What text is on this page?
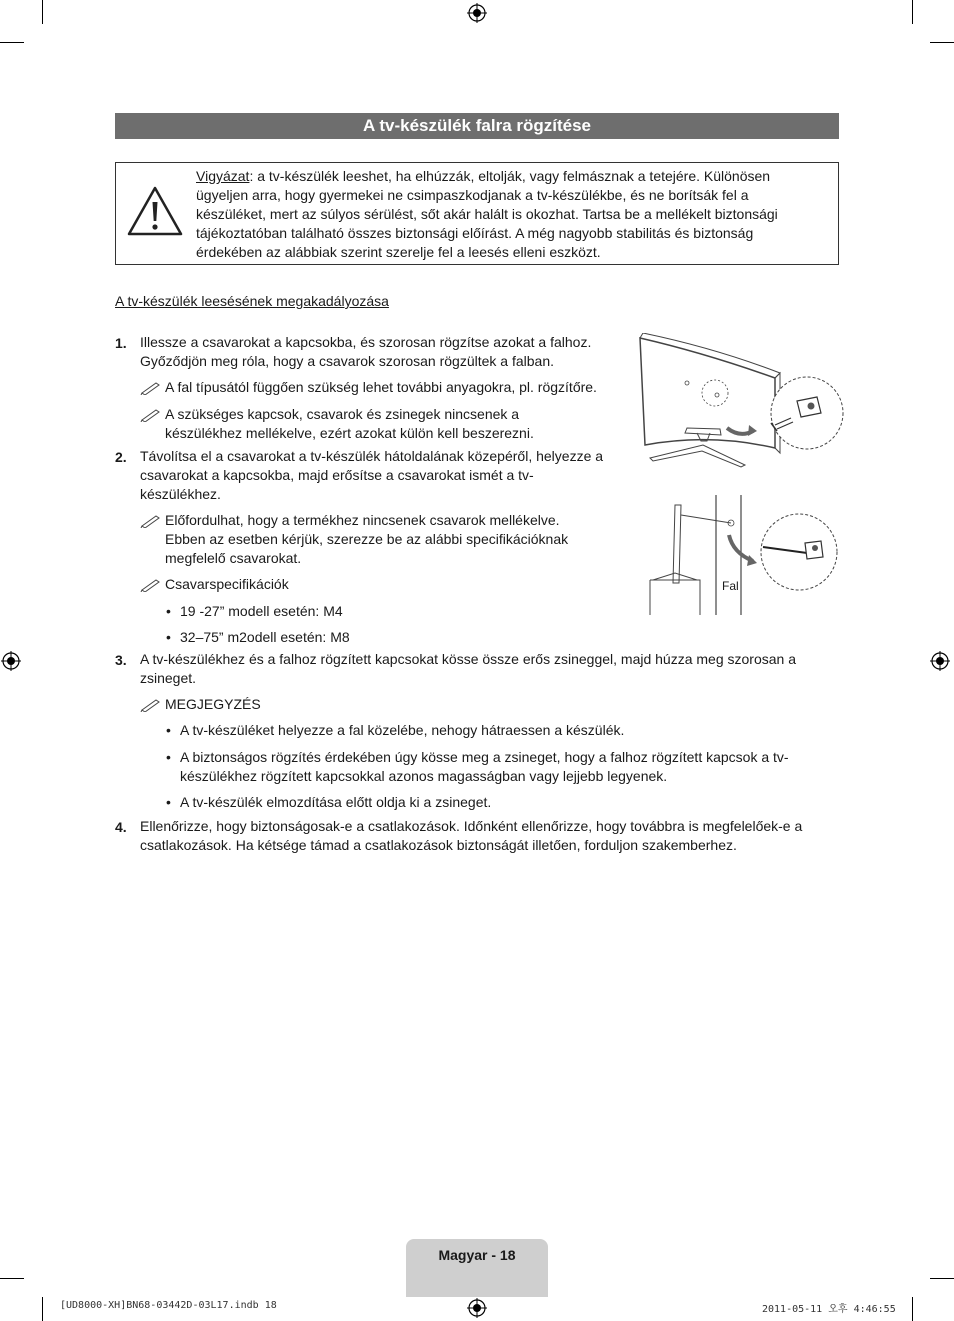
A tv-készülék falra rögzítése
Vigyázat: a tv-készülék leeshet, ha elhúzzák, eltolják, vagy felmásznak a tetejére. Különösen ügyeljen arra, hogy gyermekei ne csimpaszkodjanak a tv-készülékbe, és ne borítsák fel a készüléket, mert az súlyos sérülést, sőt akár halált is okozhat. Tartsa be a mellékelt biztonsági tájékoztatóban található összes biztonsági előírást. A még nagyobb stabilitás és biztonság érdekében az alábbiak szerint szerelje fel a leesés elleni eszközt.
A tv-készülék leesésének megakadályozása
1. Illessze a csavarokat a kapcsokba, és szorosan rögzítse azokat a falhoz. Győződjön meg róla, hogy a csavarok szorosan rögzültek a falban.
A fal típusától függően szükség lehet további anyagokra, pl. rögzítőre.
A szükséges kapcsok, csavarok és zsinegek nincsenek a készülékhez mellékelve, ezért azokat külön kell beszerezni.
2. Távolítsa el a csavarokat a tv-készülék hátoldalának közepéről, helyezze a csavarokat a kapcsokba, majd erősítse a csavarokat ismét a tv-készülékhez.
Előfordulhat, hogy a termékhez nincsenek csavarok mellékelve. Ebben az esetben kérjük, szerezze be az alábbi specifikációknak megfelelő csavarokat.
Csavarspecifikációk
• 19 -27” modell esetén: M4
• 32–75” m2odell esetén: M8
3. A tv-készülékhez és a falhoz rögzített kapcsokat kösse össze erős zsineggel, majd húzza meg szorosan a zsineget.
MEGJEGYZÉS
• A tv-készüléket helyezze a fal közelébe, nehogy hátraessen a készülék.
• A biztonságos rögzítés érdekében úgy kösse meg a zsineget, hogy a falhoz rögzített kapcsok a tv-készülékhez rögzített kapcsokkal azonos magasságban vagy lejjebb legyenek.
• A tv-készülék elmozdítása előtt oldja ki a zsineget.
4. Ellenőrizze, hogy biztonságosak-e a csatlakozások. Időnként ellenőrizze, hogy továbbra is megfelelőek-e a csatlakozások. Ha kétsége támad a csatlakozások biztonságát illetően, forduljon szakemberhez.
Fal
Magyar - 18
[UD8000-XH]BN68-03442D-03L17.indb 18	2011-05-11 오후 4:46:55
